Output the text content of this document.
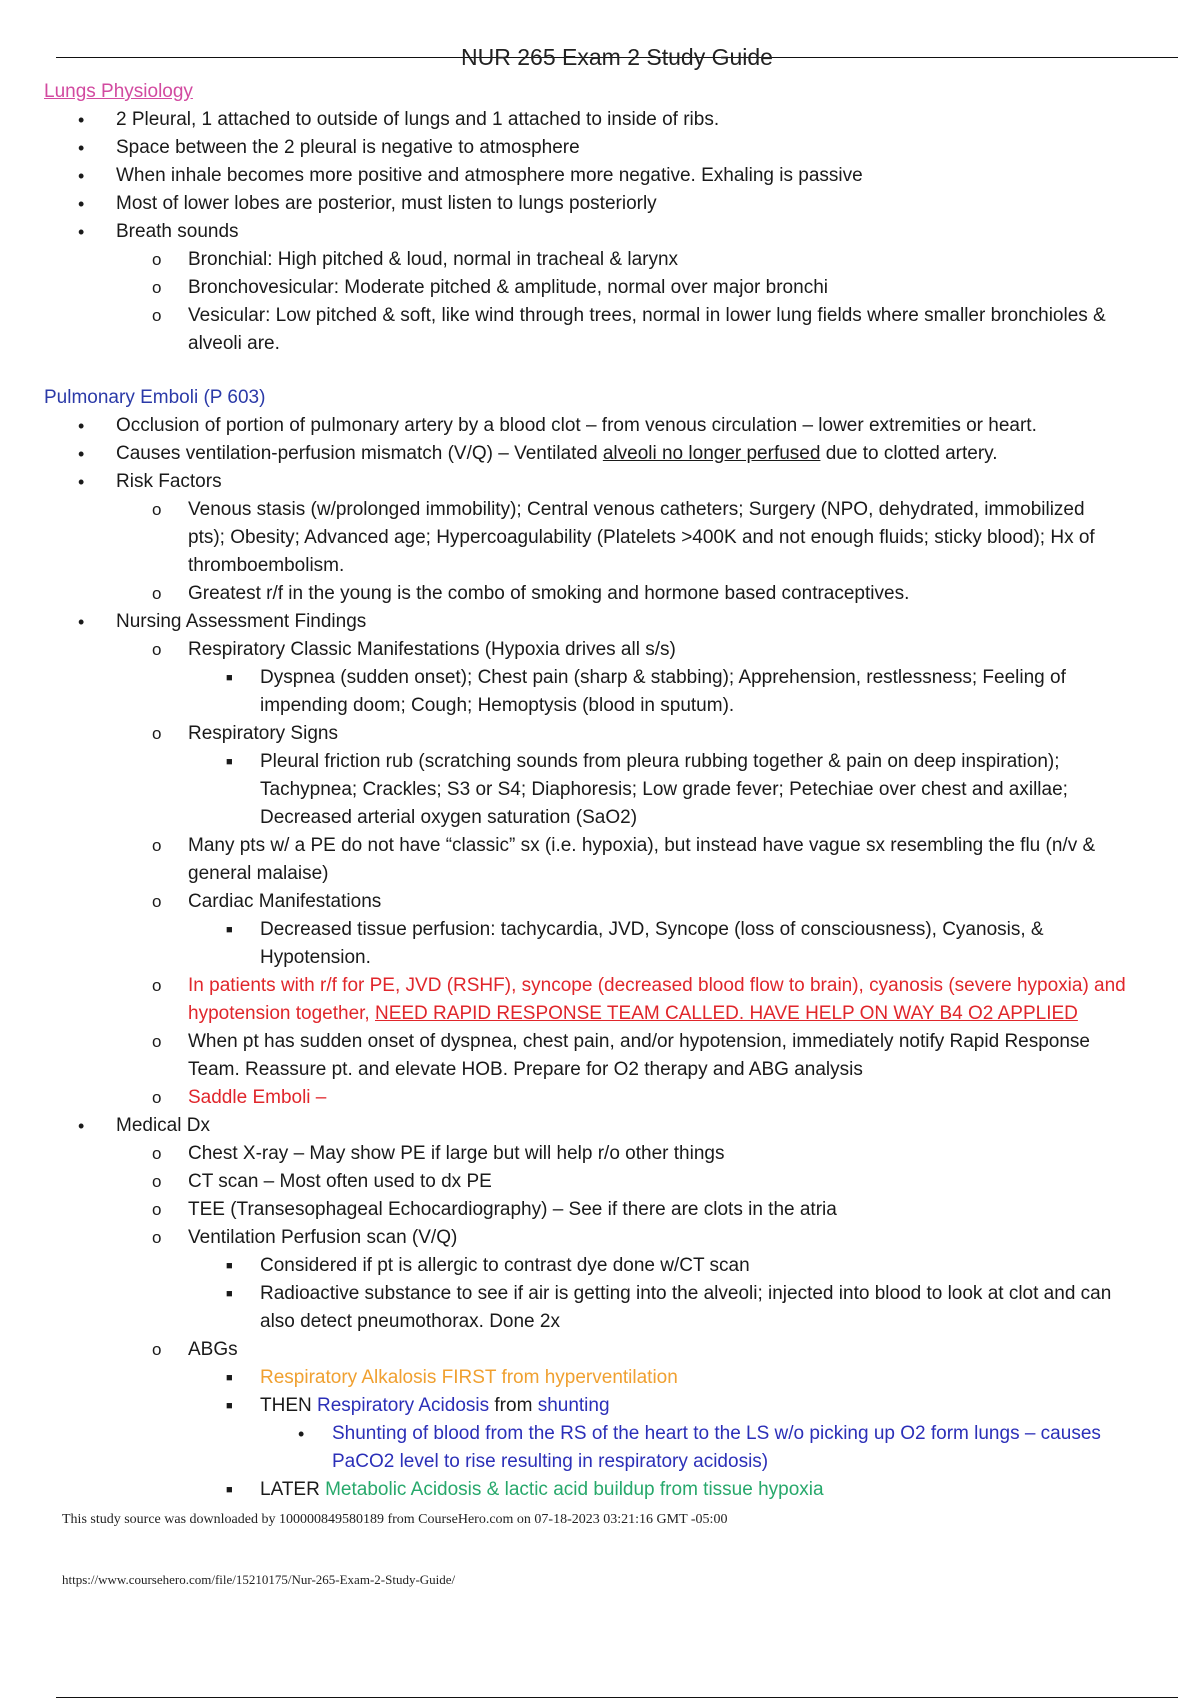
NUR 265 Exam 2 Study Guide
Lungs Physiology
• 2 Pleural, 1 attached to outside of lungs and 1 attached to inside of ribs.
• Space between the 2 pleural is negative to atmosphere
• When inhale becomes more positive and atmosphere more negative. Exhaling is passive
• Most of lower lobes are posterior, must listen to lungs posteriorly
• Breath sounds
o Bronchial: High pitched & loud, normal in tracheal & larynx
o Bronchovesicular: Moderate pitched & amplitude, normal over major bronchi
o Vesicular: Low pitched & soft, like wind through trees, normal in lower lung fields where smaller bronchioles &
alveoli are.
Pulmonary Emboli (P 603)
• Occlusion of portion of pulmonary artery by a blood clot – from venous circulation – lower extremities or heart.
• Causes ventilation-perfusion mismatch (V/Q) – Ventilated alveoli no longer perfused due to clotted artery.
• Risk Factors
o Venous stasis (w/prolonged immobility); Central venous catheters; Surgery (NPO, dehydrated, immobilized
pts); Obesity; Advanced age; Hypercoagulability (Platelets >400K and not enough fluids; sticky blood); Hx of
thromboembolism.
o Greatest r/f in the young is the combo of smoking and hormone based contraceptives.
• Nursing Assessment Findings
o Respiratory Classic Manifestations (Hypoxia drives all s/s)
■ Dyspnea (sudden onset); Chest pain (sharp & stabbing); Apprehension, restlessness; Feeling of
impending doom; Cough; Hemoptysis (blood in sputum).
o Respiratory Signs
■ Pleural friction rub (scratching sounds from pleura rubbing together & pain on deep inspiration);
Tachypnea; Crackles; S3 or S4; Diaphoresis; Low grade fever; Petechiae over chest and axillae;
Decreased arterial oxygen saturation (SaO2)
o Many pts w/ a PE do not have “classic” sx (i.e. hypoxia), but instead have vague sx resembling the flu (n/v &
general malaise)
o Cardiac Manifestations
■ Decreased tissue perfusion: tachycardia, JVD, Syncope (loss of consciousness), Cyanosis, &
Hypotension.
o In patients with r/f for PE, JVD (RSHF), syncope (decreased blood flow to brain), cyanosis (severe hypoxia) and
hypotension together, NEED RAPID RESPONSE TEAM CALLED. HAVE HELP ON WAY B4 O2 APPLIED
o When pt has sudden onset of dyspnea, chest pain, and/or hypotension, immediately notify Rapid Response
Team. Reassure pt. and elevate HOB. Prepare for O2 therapy and ABG analysis
o Saddle Emboli –
• Medical Dx
o Chest X-ray – May show PE if large but will help r/o other things
o CT scan – Most often used to dx PE
o TEE (Transesophageal Echocardiography) – See if there are clots in the atria
o Ventilation Perfusion scan (V/Q)
■ Considered if pt is allergic to contrast dye done w/CT scan
■ Radioactive substance to see if air is getting into the alveoli; injected into blood to look at clot and can
also detect pneumothorax. Done 2x
o ABGs
■ Respiratory Alkalosis FIRST from hyperventilation
■ THEN Respiratory Acidosis from shunting
• Shunting of blood from the RS of the heart to the LS w/o picking up O2 form lungs – causes
PaCO2 level to rise resulting in respiratory acidosis)
■ LATER Metabolic Acidosis & lactic acid buildup from tissue hypoxia
This study source was downloaded by 100000849580189 from CourseHero.com on 07-18-2023 03:21:16 GMT -05:00
https://www.coursehero.com/file/15210175/Nur-265-Exam-2-Study-Guide/
